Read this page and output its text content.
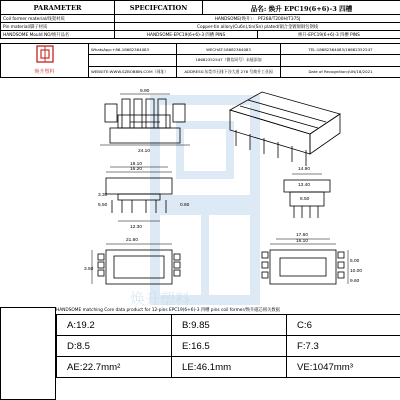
PARAMETER	SPECIFCATION	品名: 焕升 EPC19(6+6)-3 四槽
Coil former material/线架材质	HANDSOME(焕升）： PF268/T200H/T375J	
Pin material/脚子材质	Copper-tin allory(Cu6n),tin(Sn) plated/铜合金镀锡铜包钢线	
HANDSOME Mould NO/焕升品名	HANDSOME-EPC19(6+6)-3 四槽 PINS	焕升-EPC19(6+6)-3 四槽 PINS
焕升塑料	WhatsApp:+86-18682364083	WECHAT:18682364083	TEL:18682364083/18682352547
		18682352547（微信同号）未能添加	
	WEBSITE:WWW.SZBOBBIN.COM（网址）	ADDRESS:东莞市石排下沙大道 276 号焕升工业园	Date of Recognition:JUN/18/2021
焕升塑料
9.90
24.10
18.10
16.20
12.30
14.90
0.60
21.60
13.40
8.50
3.30
5.50
3.50
17.60
16.10
5.00
10.00
9.60
HANDSOME matching Core data product for 12-pins EPC19(6+6)-3 四槽 pins coil former/焕升磁芯相关数据
A:19.2	B:9.85	C:6
D:8.5	E:16.5	F:7.3
AE:22.7mm²	LE:46.1mm	VE:1047mm³
